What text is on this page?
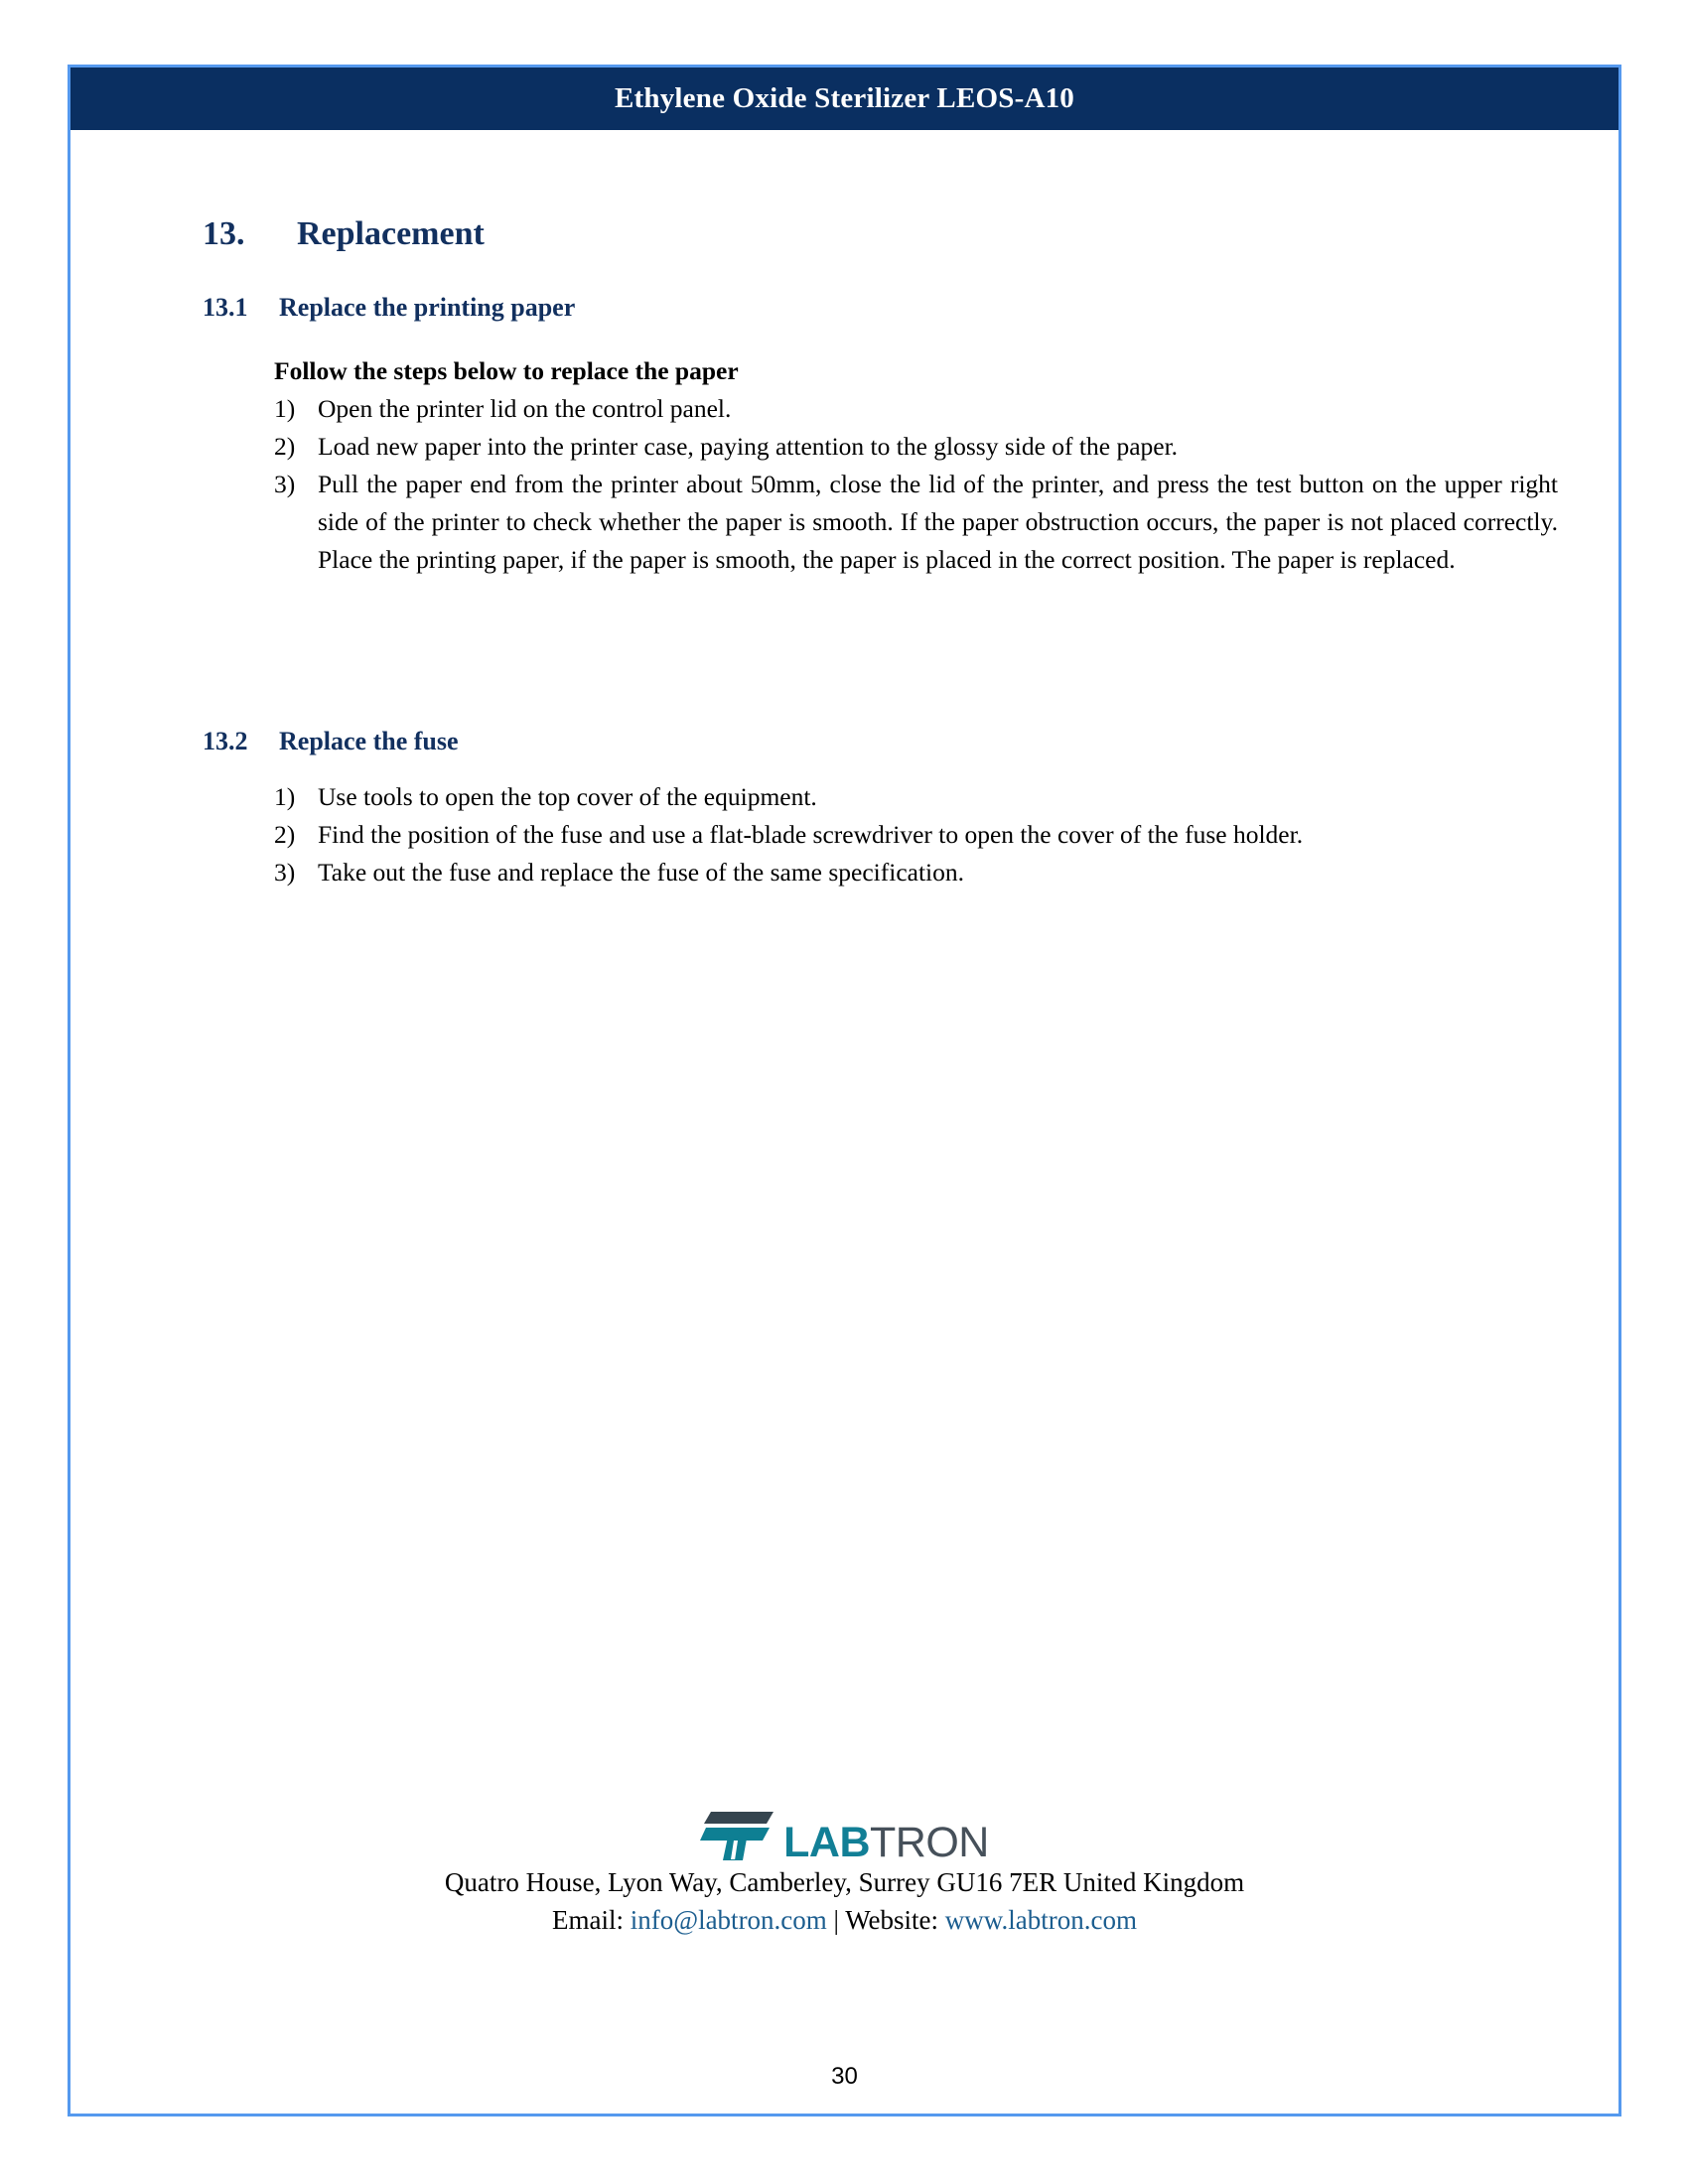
Ethylene Oxide Sterilizer LEOS-A10
13.	Replacement
13.1	Replace the printing paper

Follow the steps below to replace the paper

1) Open the printer lid on the control panel.
2) Load new paper into the printer case, paying attention to the glossy side of the paper.
3) Pull the paper end from the printer about 50mm, close the lid of the printer, and press the test button on the upper right side of the printer to check whether the paper is smooth. If the paper obstruction occurs, the paper is not placed correctly. Place the printing paper, if the paper is smooth, the paper is placed in the correct position. The paper is replaced.
13.2	Replace the fuse
1) Use tools to open the top cover of the equipment.
2) Find the position of the fuse and use a flat-blade screwdriver to open the cover of the fuse holder.
3) Take out the fuse and replace the fuse of the same specification.
LABTRON
Quatro House, Lyon Way, Camberley, Surrey GU16 7ER United Kingdom
Email: info@labtron.com | Website: www.labtron.com
30
